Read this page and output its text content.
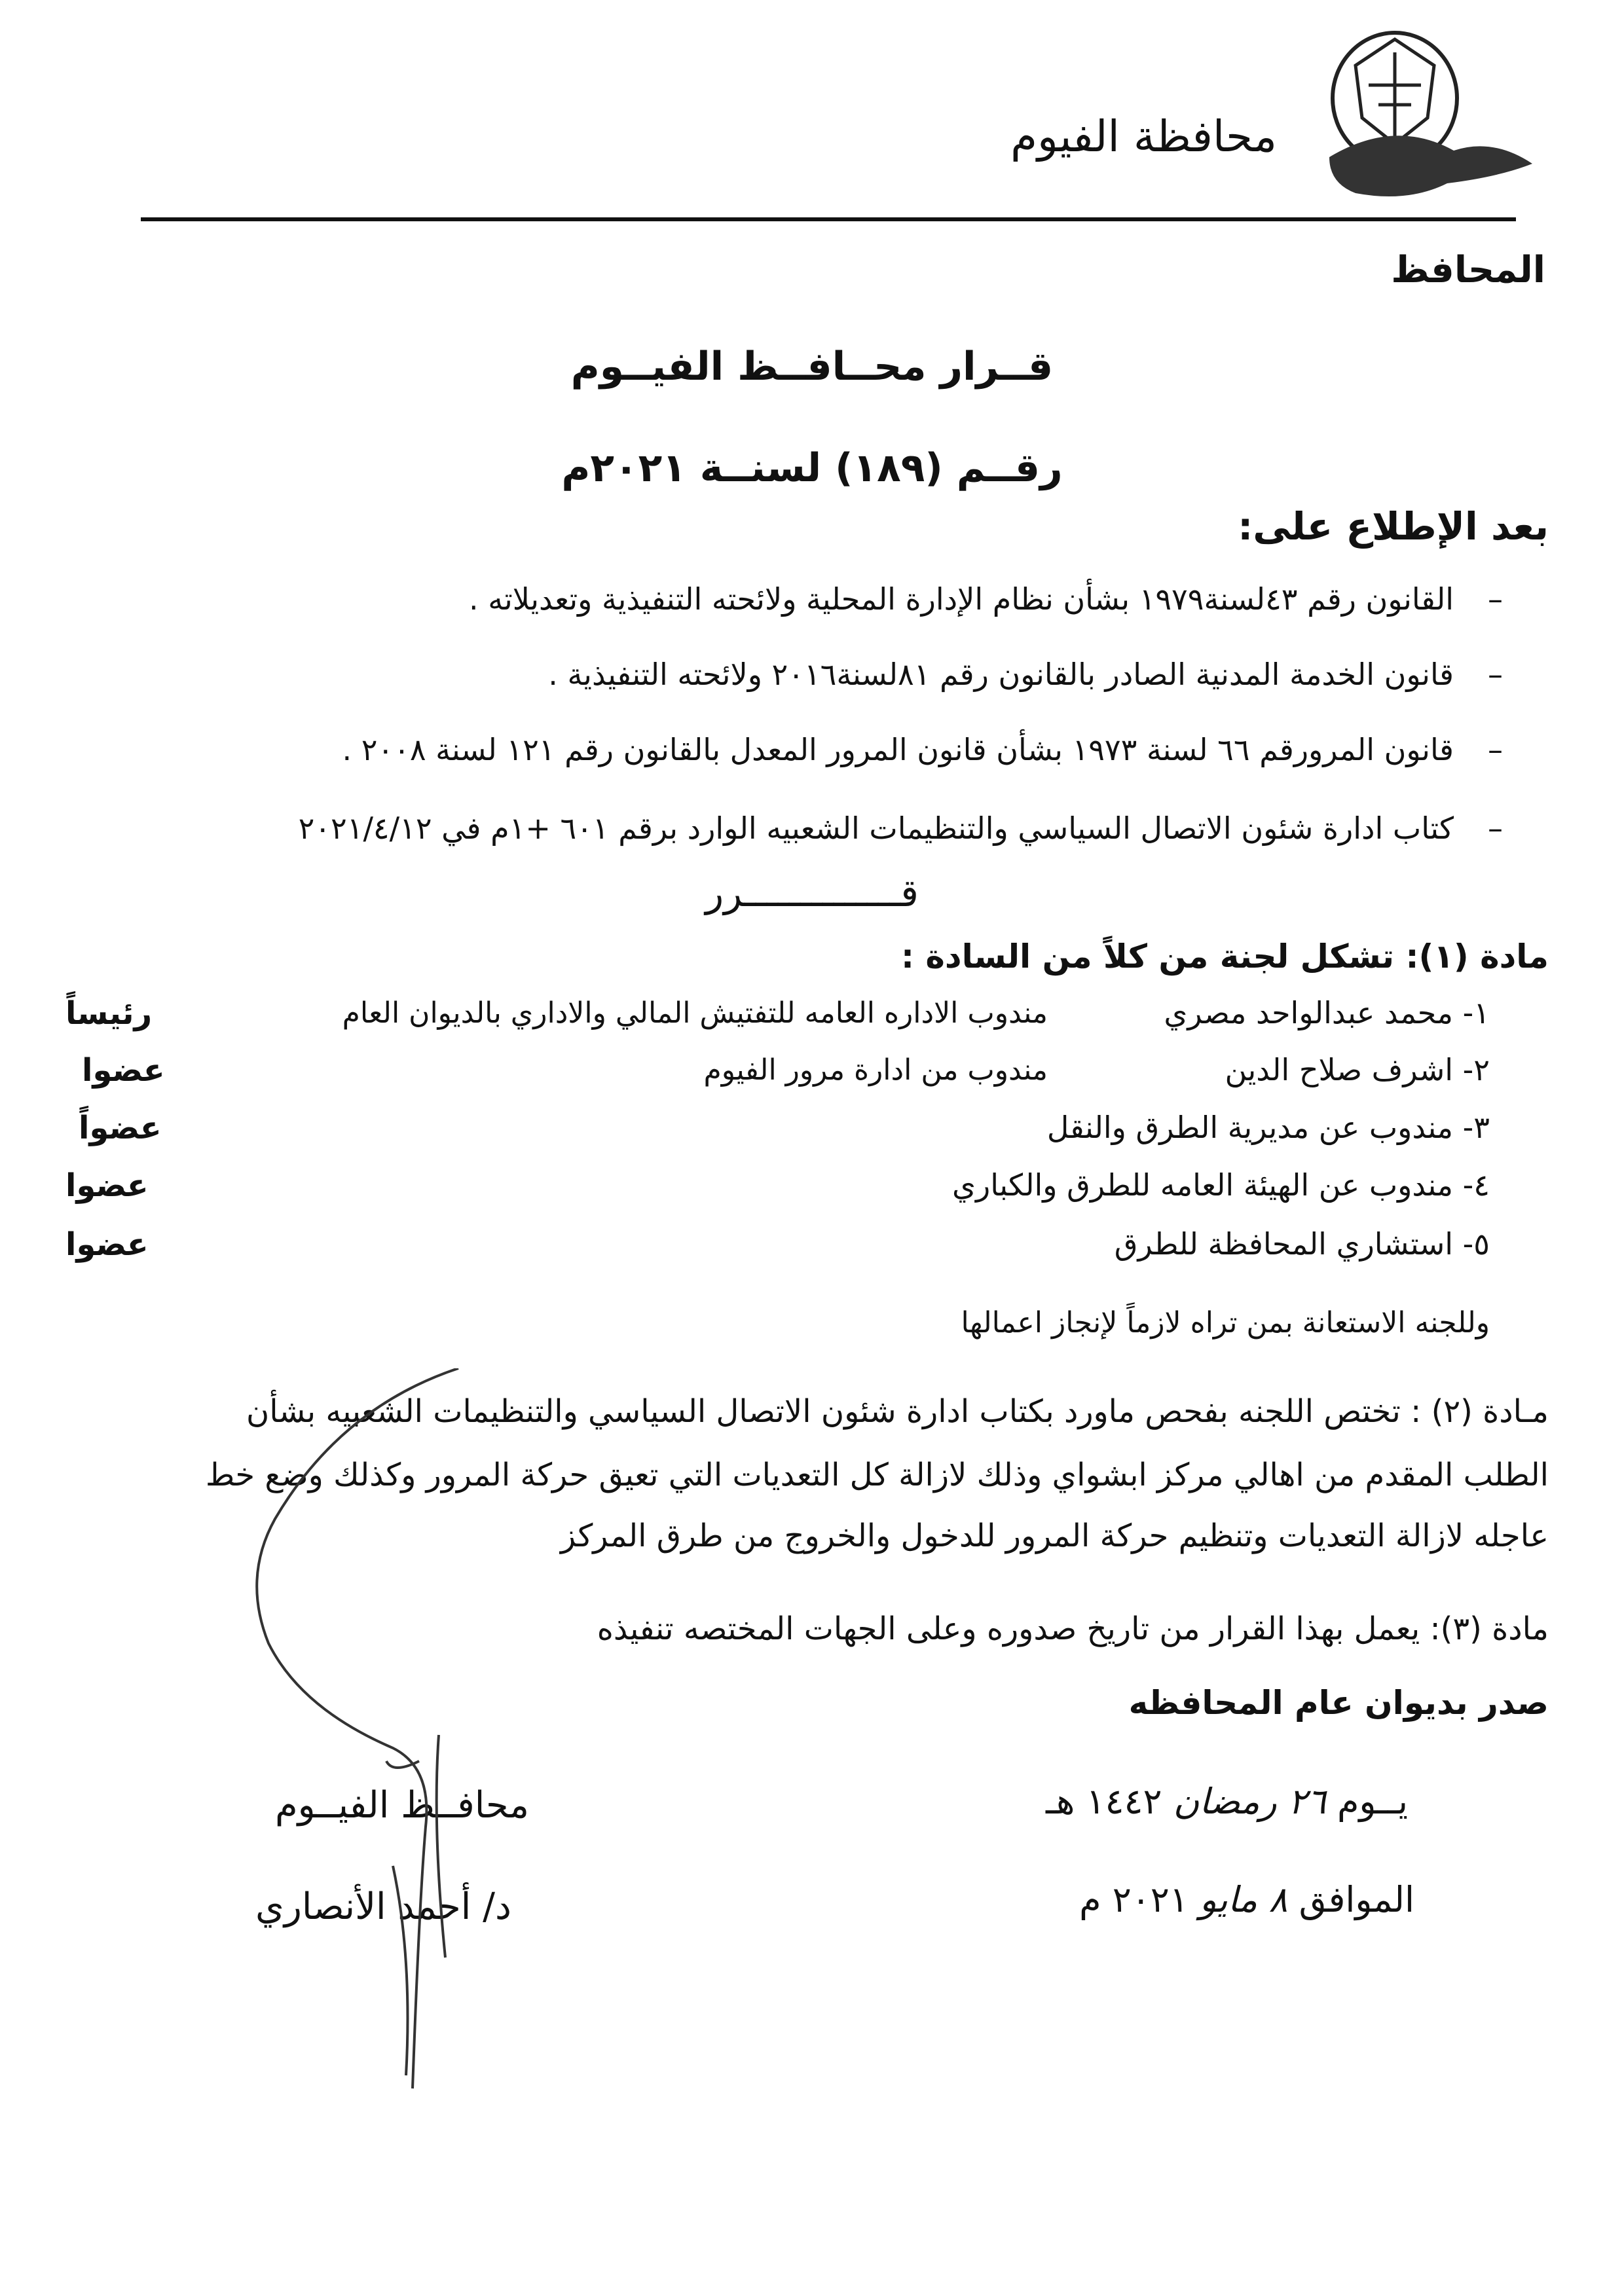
محافظة الفيوم
المحافظ
قــرار محــافــظ الفيــوم
رقــم (١٨٩) لسنــة ٢٠٢١م
بعد الإطلاع على:
–
القانون رقم ٤٣لسنة١٩٧٩ بشأن نظام الإدارة المحلية ولائحته التنفيذية وتعديلاته .
–
قانون الخدمة المدنية الصادر بالقانون رقم ٨١لسنة٢٠١٦ ولائحته التنفيذية .
–
قانون المرورقم ٦٦ لسنة ١٩٧٣ بشأن قانون المرور المعدل بالقانون رقم ١٢١ لسنة ٢٠٠٨ .
–
كتاب ادارة شئون الاتصال السياسي والتنظيمات الشعبيه الوارد برقم ٦٠١ +١م في ٢٠٢١/٤/١٢
قــــــــــــــرر
مادة (١): تشكل لجنة من كلاً من السادة :
١- محمد عبدالواحد مصري
مندوب الاداره العامه للتفتيش المالي والاداري بالديوان العام
رئيساً
٢- اشرف صلاح الدين
مندوب من ادارة مرور الفيوم
عضوا
٣- مندوب عن مديرية الطرق والنقل
عضواً
٤- مندوب عن الهيئة العامه للطرق والكباري
عضوا
٥- استشاري المحافظة للطرق
عضوا
وللجنه الاستعانة بمن تراه لازماً لإنجاز اعمالها
مـادة (٢) : تختص اللجنه بفحص ماورد بكتاب ادارة شئون الاتصال السياسي والتنظيمات الشعبيه بشأن
الطلب المقدم من اهالي مركز ابشواي وذلك لازالة كل التعديات التي تعيق حركة المرور وكذلك وضع خط
عاجله لازالة التعديات وتنظيم حركة المرور للدخول والخروج من طرق المركز
مادة (٣): يعمل بهذا القرار من تاريخ صدوره وعلى الجهات المختصه تنفيذه
صدر بديوان عام المحافظه
يــوم ٢٦ رمضان ١٤٤٢ هـ
الموافق ٨ مايو ٢٠٢١ م
محافــظ الفيــوم
د/ أحمد الأنصاري
